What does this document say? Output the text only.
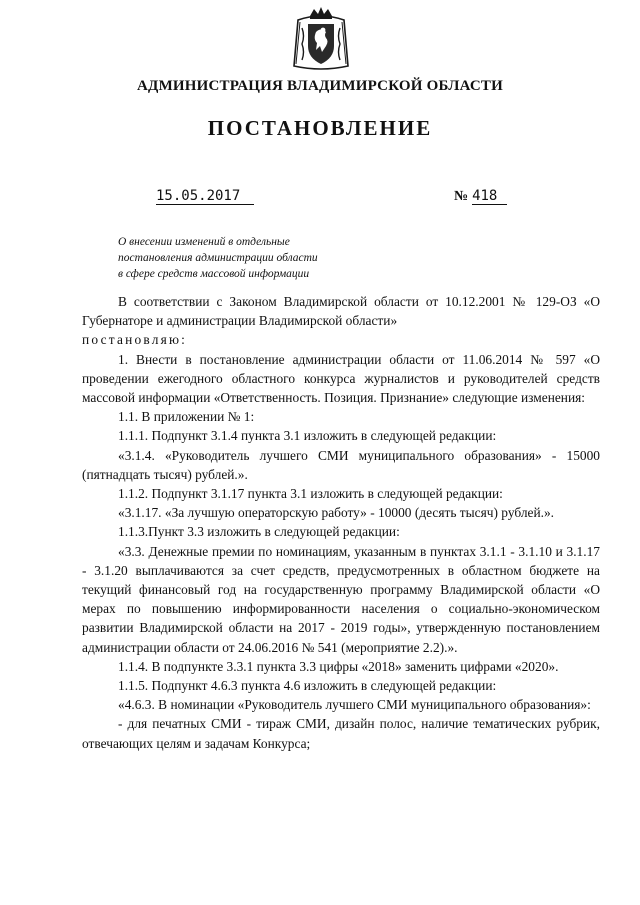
АДМИНИСТРАЦИЯ ВЛАДИМИРСКОЙ ОБЛАСТИ
ПОСТАНОВЛЕНИЕ
15.05.2017	№ 418
О внесении изменений в отдельные
постановления администрации области
в сфере средств массовой информации

В соответствии с Законом Владимирской области от 10.12.2001 № 129-ОЗ «О Губернаторе и администрации Владимирской области»

постановляю:

1. Внести в постановление администрации области от 11.06.2014 № 597 «О проведении ежегодного областного конкурса журналистов и руководителей средств массовой информации «Ответственность. Позиция. Признание» следующие изменения:

1.1. В приложении № 1:

1.1.1. Подпункт 3.1.4 пункта 3.1 изложить в следующей редакции:

«3.1.4. «Руководитель лучшего СМИ муниципального образования» - 15000 (пятнадцать тысяч) рублей.».

1.1.2. Подпункт 3.1.17 пункта 3.1 изложить в следующей редакции:

«3.1.17. «За лучшую операторскую работу» - 10000 (десять тысяч) рублей.».

1.1.3.Пункт 3.3 изложить в следующей редакции:

«3.3. Денежные премии по номинациям, указанным в пунктах 3.1.1 - 3.1.10 и 3.1.17 - 3.1.20 выплачиваются за счет средств, предусмотренных в областном бюджете на текущий финансовый год на государственную программу Владимирской области «О мерах по повышению информированности населения о социально-экономическом развитии Владимирской области на 2017 - 2019 годы», утвержденную постановлением администрации области от 24.06.2016 № 541 (мероприятие 2.2).».

1.1.4. В подпункте 3.3.1 пункта 3.3 цифры «2018» заменить цифрами «2020».

1.1.5. Подпункт 4.6.3 пункта 4.6 изложить в следующей редакции:

«4.6.3. В номинации «Руководитель лучшего СМИ муниципального образования»:

- для печатных СМИ - тираж СМИ, дизайн полос, наличие тематических рубрик, отвечающих целям и задачам Конкурса;
